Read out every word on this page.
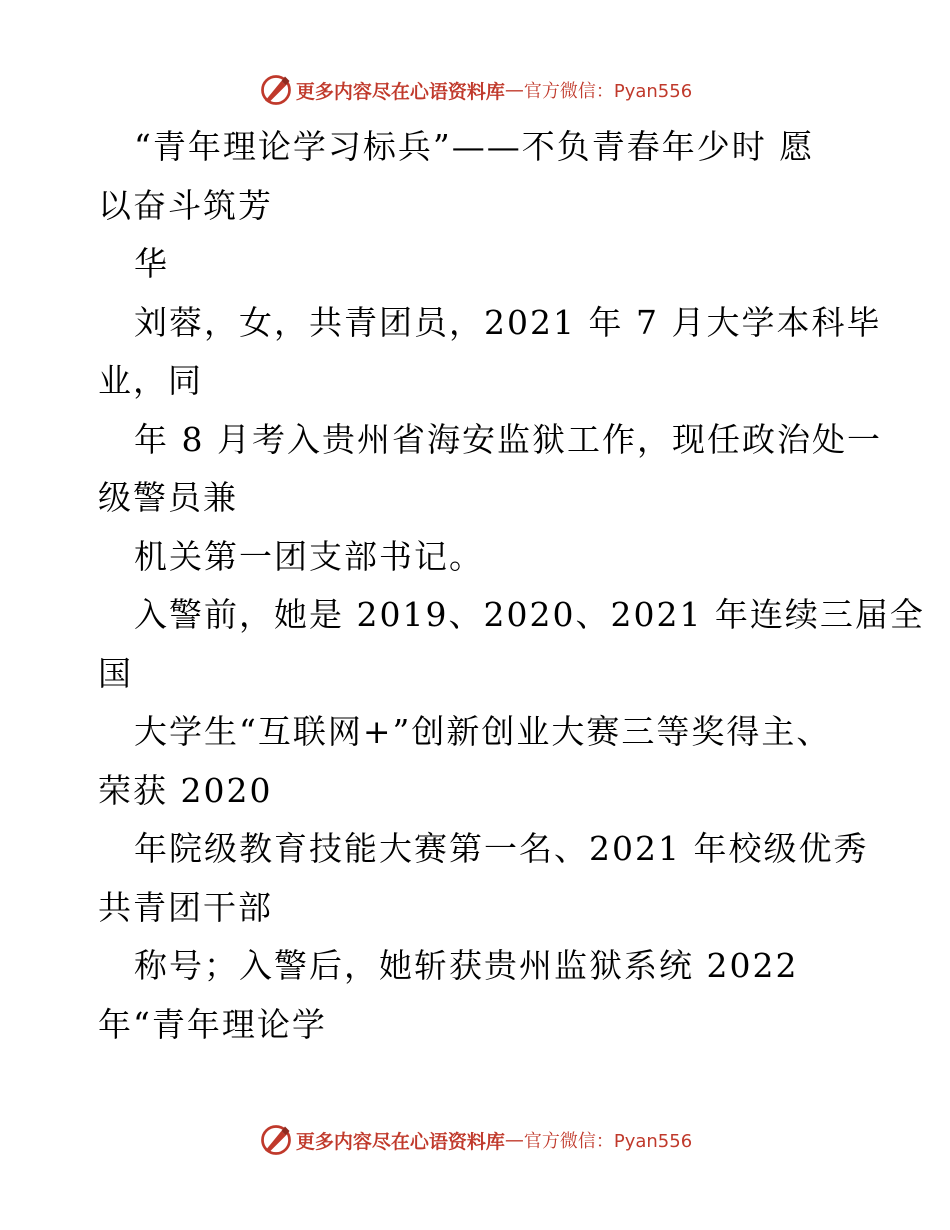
更多内容尽在心语资料库 — 官方微信：Pyan556
“青年理论学习标兵”——不负青春年少时 愿
以奋斗筑芳
华
刘蓉，女，共青团员，2021 年 7 月大学本科毕
业，同
年 8 月考入贵州省海安监狱工作，现任政治处一
级警员兼
机关第一团支部书记。
入警前，她是 2019、2020、2021 年连续三届全
国
大学生“互联网+”创新创业大赛三等奖得主、
荣获 2020
年院级教育技能大赛第一名、2021 年校级优秀
共青团干部
称号；入警后，她斩获贵州监狱系统 2022
年“青年理论学
更多内容尽在心语资料库 — 官方微信：Pyan556
